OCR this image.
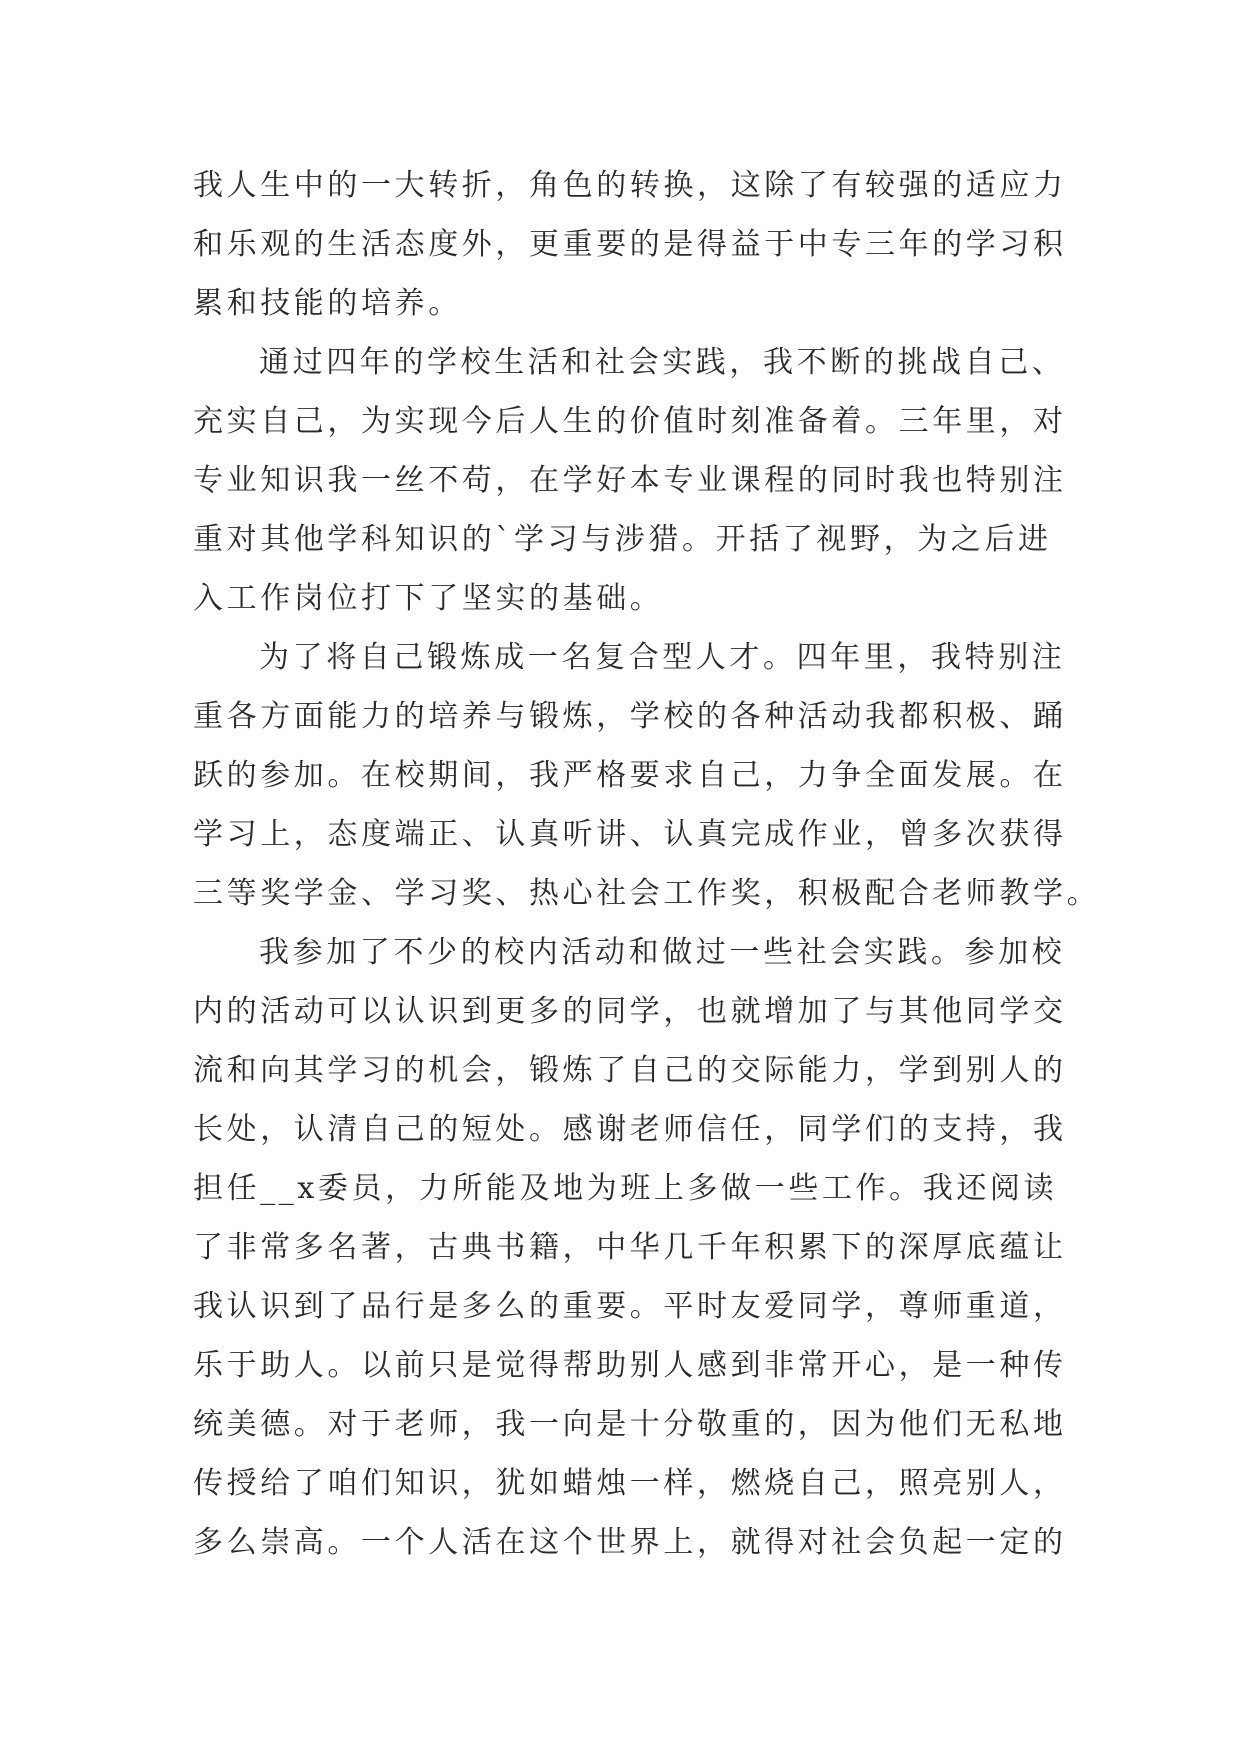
我人生中的一大转折，角色的转换，这除了有较强的适应力
和乐观的生活态度外，更重要的是得益于中专三年的学习积
累和技能的培养。
通过四年的学校生活和社会实践，我不断的挑战自己、
充实自己，为实现今后人生的价值时刻准备着。三年里，对
专业知识我一丝不苟，在学好本专业课程的同时我也特别注
重对其他学科知识的`学习与涉猎。开括了视野，为之后进
入工作岗位打下了坚实的基础。
为了将自己锻炼成一名复合型人才。四年里，我特别注
重各方面能力的培养与锻炼，学校的各种活动我都积极、踊
跃的参加。在校期间，我严格要求自己，力争全面发展。在
学习上，态度端正、认真听讲、认真完成作业，曾多次获得
三等奖学金、学习奖、热心社会工作奖，积极配合老师教学。
我参加了不少的校内活动和做过一些社会实践。参加校
内的活动可以认识到更多的同学，也就增加了与其他同学交
流和向其学习的机会，锻炼了自己的交际能力，学到别人的
长处，认清自己的短处。感谢老师信任，同学们的支持，我
担任__x委员，力所能及地为班上多做一些工作。我还阅读
了非常多名著，古典书籍，中华几千年积累下的深厚底蕴让
我认识到了品行是多么的重要。平时友爱同学，尊师重道，
乐于助人。以前只是觉得帮助别人感到非常开心，是一种传
统美德。对于老师，我一向是十分敬重的，因为他们无私地
传授给了咱们知识，犹如蜡烛一样，燃烧自己，照亮别人，
多么崇高。一个人活在这个世界上，就得对社会负起一定的
